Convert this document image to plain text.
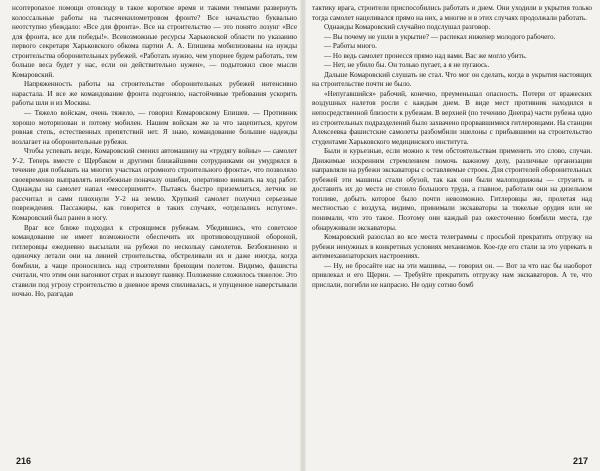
нcorreponaxoe помощи отовсюду в такое короткое время и такими темпами развернуть колоссальные работы на тысячекилометровом фронте? Все начальство буквально неотступно убеждало: «Все для фронта». Все на строительство — это понято лозунг «Все для фронта, все для победы!». Всевозможные ресурсы Харьковской области по указанию первого секретаря Харьковского обкома партии А. А. Епишева мобилизованы на нужды строительства оборонительных рубежей. «Работать нужно, чем упорнее будем работать, тем больше веса будет у нас, если он действительно нужен», — подытожил свое мысли Комаровский.

Напряженность работы на строительстве оборонительных рубежей интенсивно нарастала. И все же командование фронта подгоняло, настойчивые требования ускорить работы шли и из Москвы.

— Тяжело войскам, очень тяжело, — говорил Комаровскому Епишев. — Противник хорошо моторизован и потому мобилен. Нашим войскам же за что зацепиться, кругом ровная степь, естественных препятствий нет. Я знаю, командование большие надежды возлагает на оборонительные рубежи.

Чтобы успевать везде, Комаровский сменил автомашину на «трудягу войны» — самолет У-2. Теперь вместе с Щербаком и другими ближайшими сотрудниками он умудрялся в течение дня побывать на многих участках огромного строительного фронта», что позволяло своевременно выправлять неизбежные поначалу ошибки, оперативно вникать на ход работ. Однажды на самолет напал «мессершмитт». Пытаясь быстро приземлиться, летчик не рассчитал и сами плюхнули У-2 на землю. Хрупкий самолет получил серьезные повреждения. Пассажиры, как говорится в таких случаях, «отделались испугом». Комаровский был ранен в ногу.

Враг все ближе подходил к строящимся рубежам. Убедившись, что советское командование не имеет возможности обеспечить их противовоздушной обороной, гитлеровцы ежедневно высылали на рубежи по нескольку самолетов. Безбоязненно и одиночку летали они на линией строительства, обстреливали их и даже иногда, когда бомбили, а чаще проносились над строителями бреющим полетом. Видимо, фашисты считали, что этим они нагоняют страх и вызовут панику. Положение сложилось тяжелое. Это ставили под угрозу строительство в дневное время спиливалась, и упущенное наверстывали ночью. Но, разгадав

216

тактику врага, строители приспособились работать и днем. Они уходили в укрытия только тогда самолет нацеливался прямо на них, а многие и в этих случаях продолжали работать.

Однажды Комаровский случайно подслушал разговор.

— Вы почему не ушли в укрытие? — распекал инженер молодого рабочего.

— Работы много.

— Но ведь самолет пронесся прямо над вами. Вас же могло убить.

— Нет, не убило бы. Он только пугает, а я не пугаюсь.

Дальше Комаровский слушать не стал. Что мог он сделать, когда в укрытия настоящих на строительстве почти не было.

«Непугавшийся» рабочий, конечно, преуменьшал опасность. Потери от вражеских воздушных налетов росли с каждым днем. В виде мест противник находился в непосредственной близости к рубежам. В верхней (по течению Днепра) части рубежа одно из строительных подразделений было захвачено прорвавшимися гитлеровцами. На станции Алексеевка фашистские самолеты разбомбили эшелоны с прибывшими на строительство студентами Харьковского медицинского института.

Были и курьезные, если можно к тем обстоятельствам применить это слово, случаи. Движимые искренним стремлением помочь важному делу, различные организации направляли на рубежи экскаваторы с оставляемые строек. Для строителей оборонительных рубежей эти машины стали обузой, так как они были малоподвижны — сгрузить и доставить их до места не стоило большого труда, а главное, работали они на дизельном топливе, добыть которое было почти невозможно. Гитлеровцы же, пролетая над местностью с воздуха, видимо, принимали экскаваторы за тяжелые орудия или не понимали, что это такое. Поэтому они каждый раз ожесточенно бомбили места, где обнаруживали экскаваторы.

Комаровский разослал во все места телеграммы с просьбой прекратить отгрузку на рубежи ненужных в конкретных условиях механизмов. Кое-где его стали за это упрекать в антимеханизаторских настроениях.

— Ну, не бросайте нас на эти машины, — говорил он. — Вот за что нас бы наоборот привлекал и его Щерин. — Требуйте прекратить отгрузку нам экскаваторов. А те, что прислали, погибли не напрасно. Не одну сотню бомб

217
